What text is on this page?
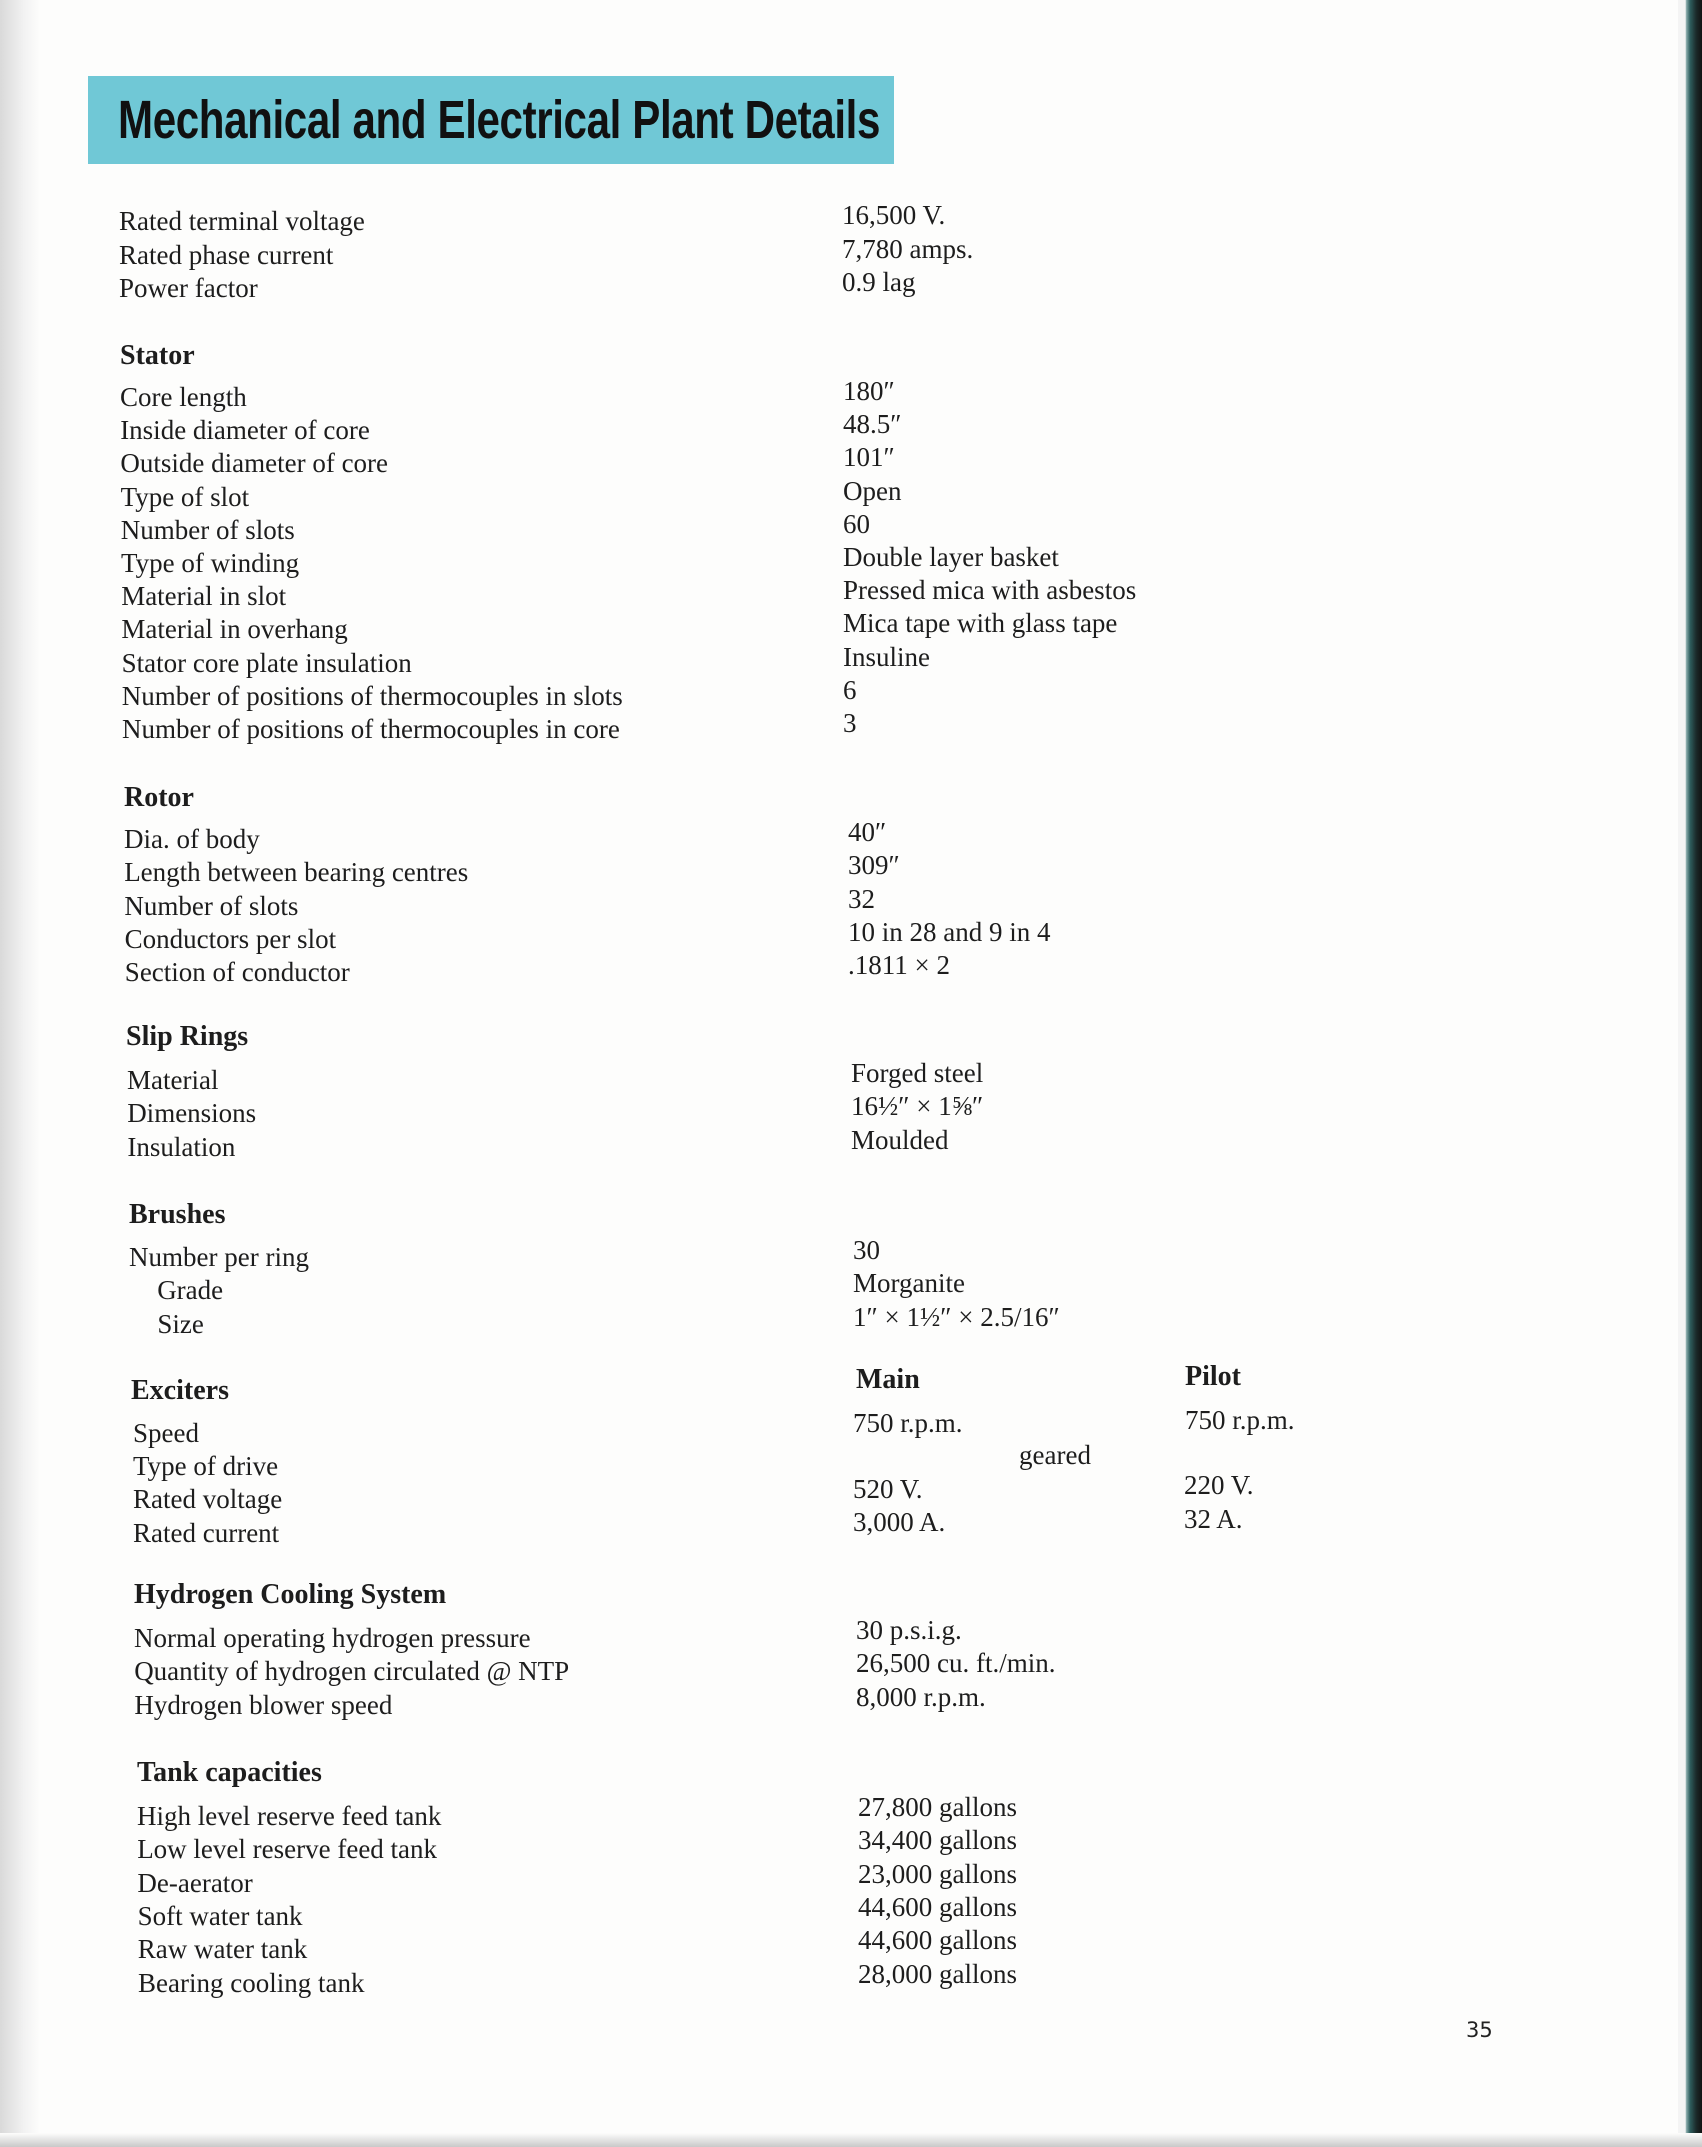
Mechanical and Electrical Plant Details
Rated terminal voltage	16,500 V.
Rated phase current	7,780 amps.
Power factor	0.9 lag
Stator
Core length	180″
Inside diameter of core	48.5″
Outside diameter of core	101″
Type of slot	Open
Number of slots	60
Type of winding	Double layer basket
Material in slot	Pressed mica with asbestos
Material in overhang	Mica tape with glass tape
Stator core plate insulation	Insuline
Number of positions of thermocouples in slots	6
Number of positions of thermocouples in core	3
Rotor
Dia. of body	40″
Length between bearing centres	309″
Number of slots	32
Conductors per slot	10 in 28 and 9 in 4
Section of conductor	.1811 × 2
Slip Rings
Material	Forged steel
Dimensions	16½″ × 1⅝″
Insulation	Moulded
Brushes
Number per ring	30
Grade	Morganite
Size	1″ × 1½″ × 2.5/16″
Exciters	Main	Pilot
Speed	750 r.p.m.	750 r.p.m.
Type of drive	geared
Rated voltage	520 V.	220 V.
Rated current	3,000 A.	32 A.
Hydrogen Cooling System
Normal operating hydrogen pressure	30 p.s.i.g.
Quantity of hydrogen circulated @ NTP	26,500 cu. ft./min.
Hydrogen blower speed	8,000 r.p.m.
Tank capacities
High level reserve feed tank	27,800 gallons
Low level reserve feed tank	34,400 gallons
De-aerator	23,000 gallons
Soft water tank	44,600 gallons
Raw water tank	44,600 gallons
Bearing cooling tank	28,000 gallons
35
